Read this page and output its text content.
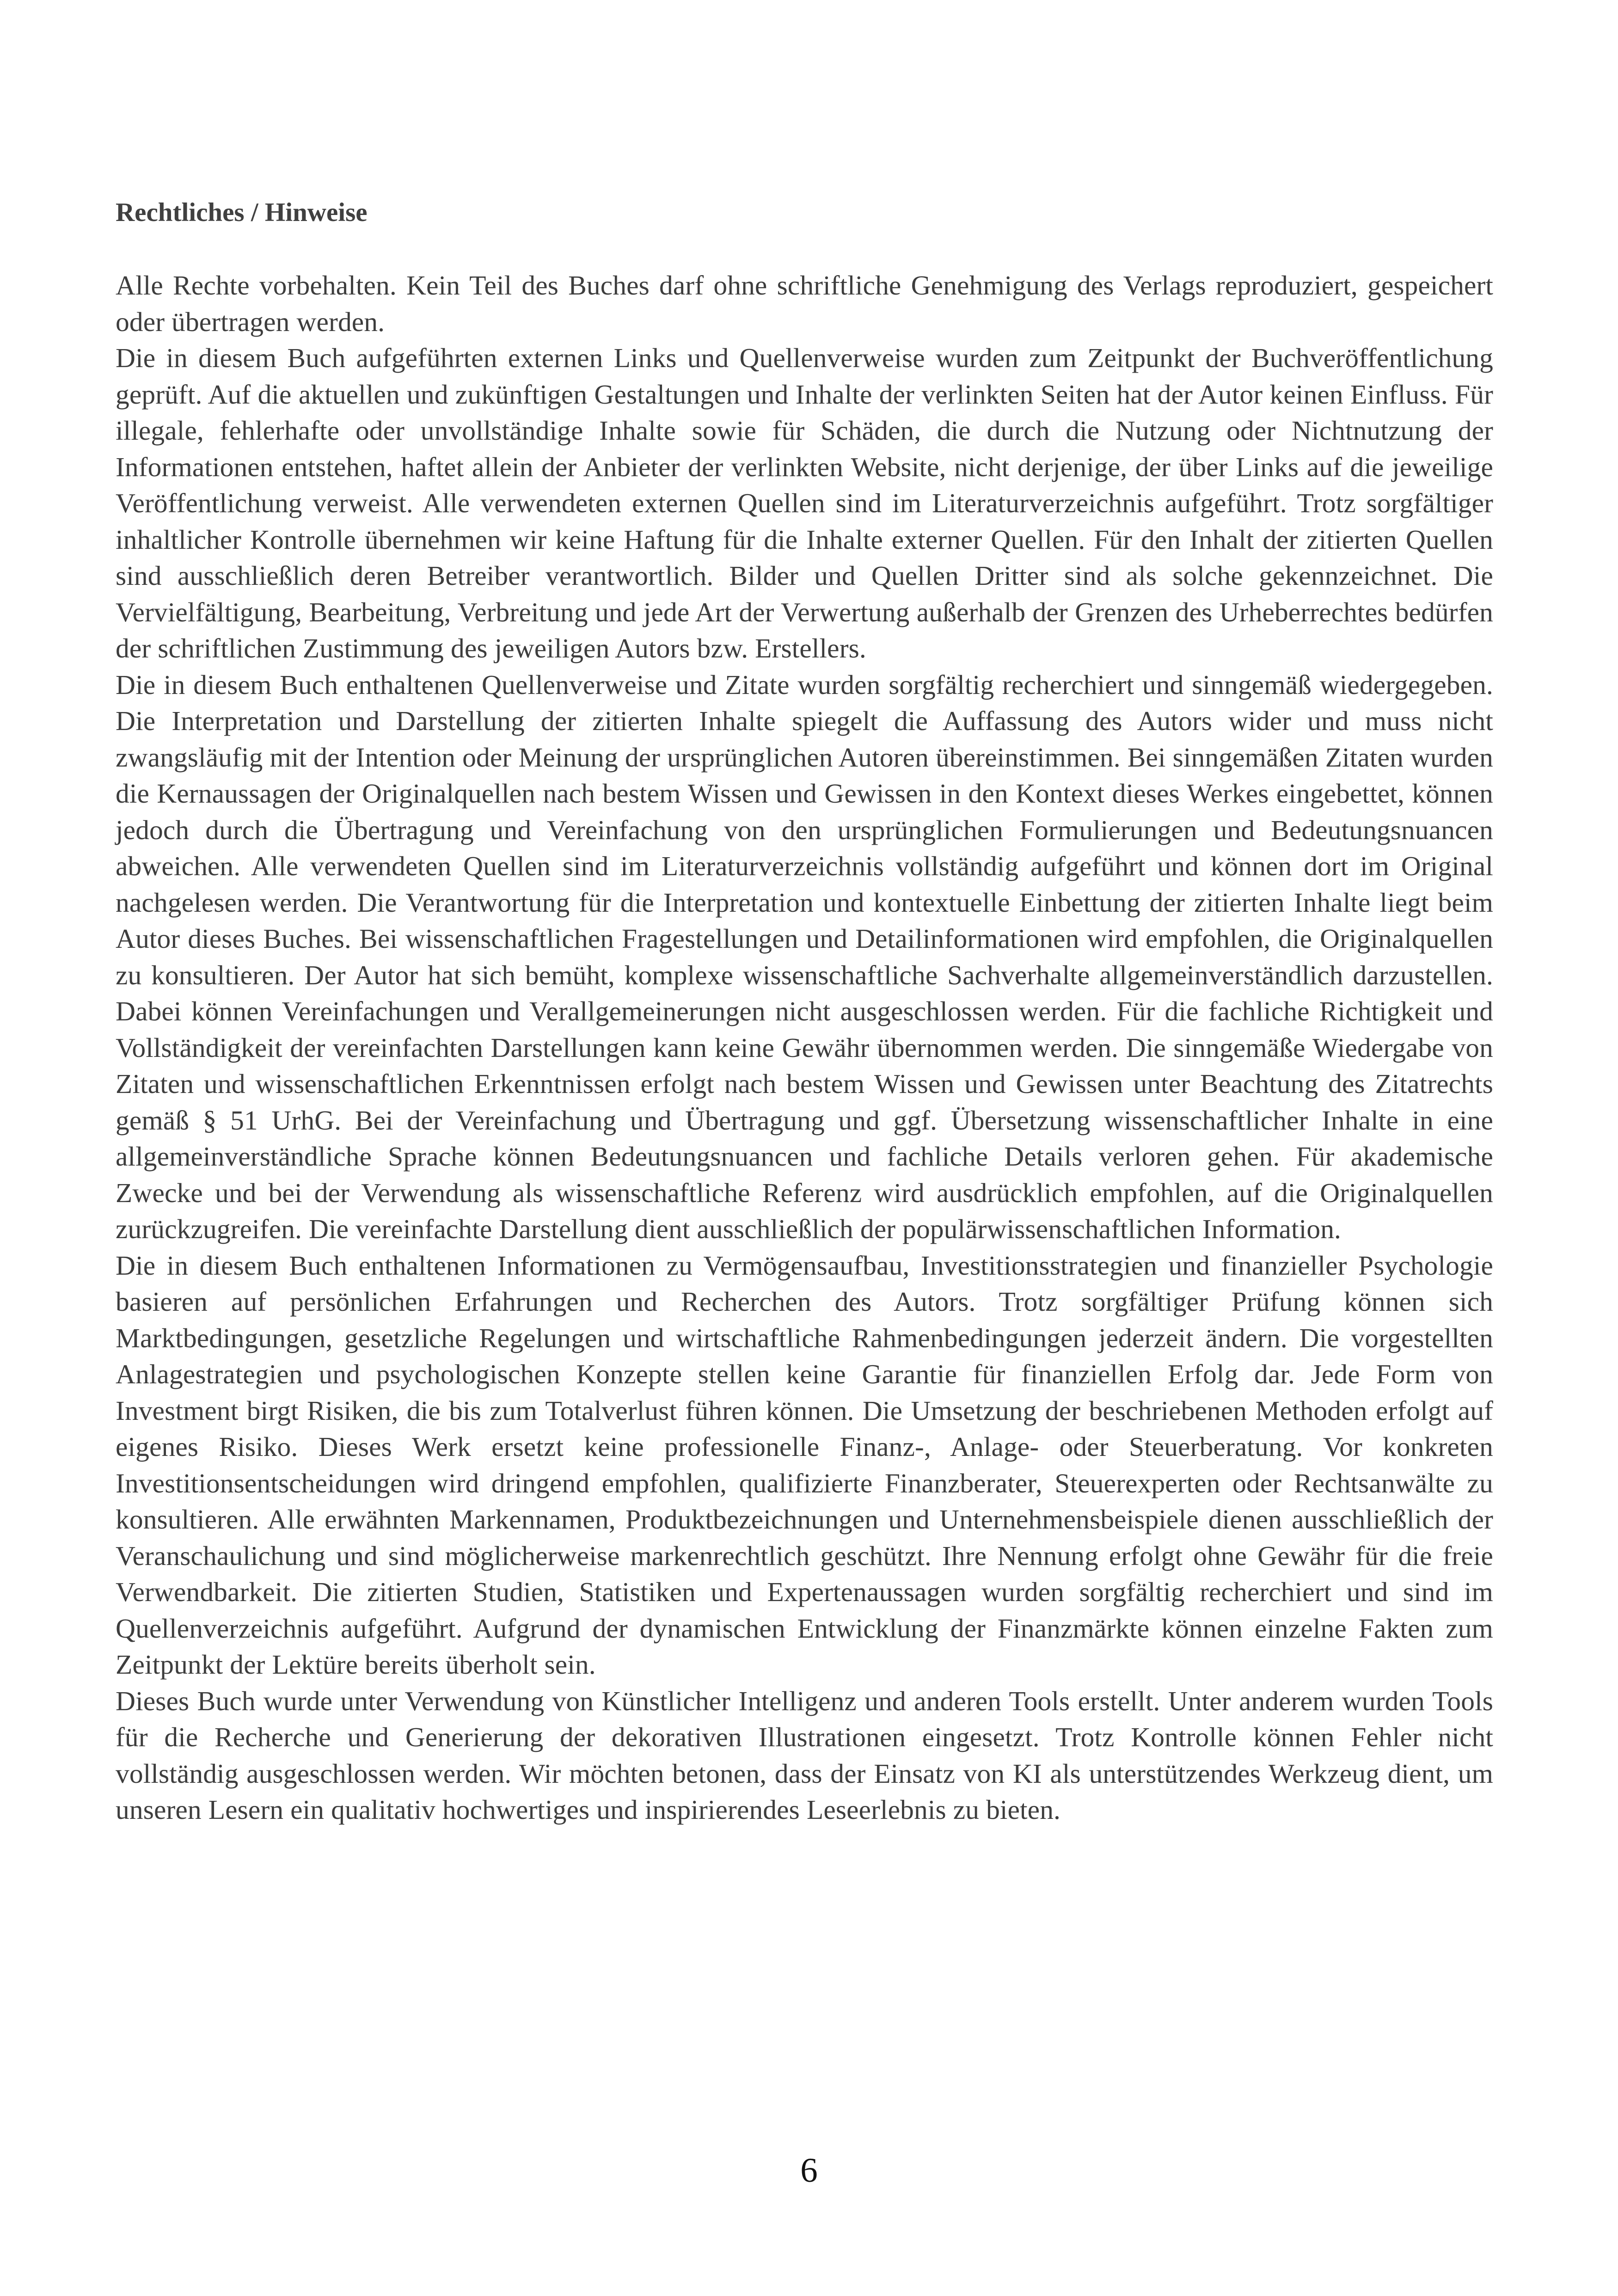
Rechtliches / Hinweise

Alle Rechte vorbehalten. Kein Teil des Buches darf ohne schriftliche Genehmigung des Verlags reproduziert, gespeichert oder übertragen werden.

Die in diesem Buch aufgeführten externen Links und Quellenverweise wurden zum Zeitpunkt der Buchveröffentlichung geprüft. Auf die aktuellen und zukünftigen Gestaltungen und Inhalte der verlinkten Seiten hat der Autor keinen Einfluss. Für illegale, fehlerhafte oder unvollständige Inhalte sowie für Schäden, die durch die Nutzung oder Nichtnutzung der Informationen entstehen, haftet allein der Anbieter der verlinkten Website, nicht derjenige, der über Links auf die jeweilige Veröffentlichung verweist. Alle verwendeten externen Quellen sind im Literaturverzeichnis aufgeführt. Trotz sorgfältiger inhaltlicher Kontrolle übernehmen wir keine Haftung für die Inhalte externer Quellen. Für den Inhalt der zitierten Quellen sind ausschließlich deren Betreiber verantwortlich. Bilder und Quellen Dritter sind als solche gekennzeichnet. Die Vervielfältigung, Bearbeitung, Verbreitung und jede Art der Verwertung außerhalb der Grenzen des Urheberrechtes bedürfen der schriftlichen Zustimmung des jeweiligen Autors bzw. Erstellers.

Die in diesem Buch enthaltenen Quellenverweise und Zitate wurden sorgfältig recherchiert und sinngemäß wiedergegeben. Die Interpretation und Darstellung der zitierten Inhalte spiegelt die Auffassung des Autors wider und muss nicht zwangsläufig mit der Intention oder Meinung der ursprünglichen Autoren übereinstimmen. Bei sinngemäßen Zitaten wurden die Kernaussagen der Originalquellen nach bestem Wissen und Gewissen in den Kontext dieses Werkes eingebettet, können jedoch durch die Übertragung und Vereinfachung von den ursprünglichen Formulierungen und Bedeutungsnuancen abweichen. Alle verwendeten Quellen sind im Literaturverzeichnis vollständig aufgeführt und können dort im Original nachgelesen werden. Die Verantwortung für die Interpretation und kontextuelle Einbettung der zitierten Inhalte liegt beim Autor dieses Buches. Bei wissenschaftlichen Fragestellungen und Detailinformationen wird empfohlen, die Originalquellen zu konsultieren. Der Autor hat sich bemüht, komplexe wissenschaftliche Sachverhalte allgemeinverständlich darzustellen. Dabei können Vereinfachungen und Verallgemeinerungen nicht ausgeschlossen werden. Für die fachliche Richtigkeit und Vollständigkeit der vereinfachten Darstellungen kann keine Gewähr übernommen werden. Die sinngemäße Wiedergabe von Zitaten und wissenschaftlichen Erkenntnissen erfolgt nach bestem Wissen und Gewissen unter Beachtung des Zitatrechts gemäß § 51 UrhG. Bei der Vereinfachung und Übertragung und ggf. Übersetzung wissenschaftlicher Inhalte in eine allgemeinverständliche Sprache können Bedeutungsnuancen und fachliche Details verloren gehen. Für akademische Zwecke und bei der Verwendung als wissenschaftliche Referenz wird ausdrücklich empfohlen, auf die Originalquellen zurückzugreifen. Die vereinfachte Darstellung dient ausschließlich der populärwissenschaftlichen Information.

Die in diesem Buch enthaltenen Informationen zu Vermögensaufbau, Investitionsstrategien und finanzieller Psychologie basieren auf persönlichen Erfahrungen und Recherchen des Autors. Trotz sorgfältiger Prüfung können sich Marktbedingungen, gesetzliche Regelungen und wirtschaftliche Rahmenbedingungen jederzeit ändern. Die vorgestellten Anlagestrategien und psychologischen Konzepte stellen keine Garantie für finanziellen Erfolg dar. Jede Form von Investment birgt Risiken, die bis zum Totalverlust führen können. Die Umsetzung der beschriebenen Methoden erfolgt auf eigenes Risiko. Dieses Werk ersetzt keine professionelle Finanz-, Anlage- oder Steuerberatung. Vor konkreten Investitionsentscheidungen wird dringend empfohlen, qualifizierte Finanzberater, Steuerexperten oder Rechtsanwälte zu konsultieren. Alle erwähnten Markennamen, Produktbezeichnungen und Unternehmensbeispiele dienen ausschließlich der Veranschaulichung und sind möglicherweise markenrechtlich geschützt. Ihre Nennung erfolgt ohne Gewähr für die freie Verwendbarkeit. Die zitierten Studien, Statistiken und Expertenaussagen wurden sorgfältig recherchiert und sind im Quellenverzeichnis aufgeführt. Aufgrund der dynamischen Entwicklung der Finanzmärkte können einzelne Fakten zum Zeitpunkt der Lektüre bereits überholt sein.

Dieses Buch wurde unter Verwendung von Künstlicher Intelligenz und anderen Tools erstellt. Unter anderem wurden Tools für die Recherche und Generierung der dekorativen Illustrationen eingesetzt. Trotz Kontrolle können Fehler nicht vollständig ausgeschlossen werden. Wir möchten betonen, dass der Einsatz von KI als unterstützendes Werkzeug dient, um unseren Lesern ein qualitativ hochwertiges und inspirierendes Leseerlebnis zu bieten.

6
